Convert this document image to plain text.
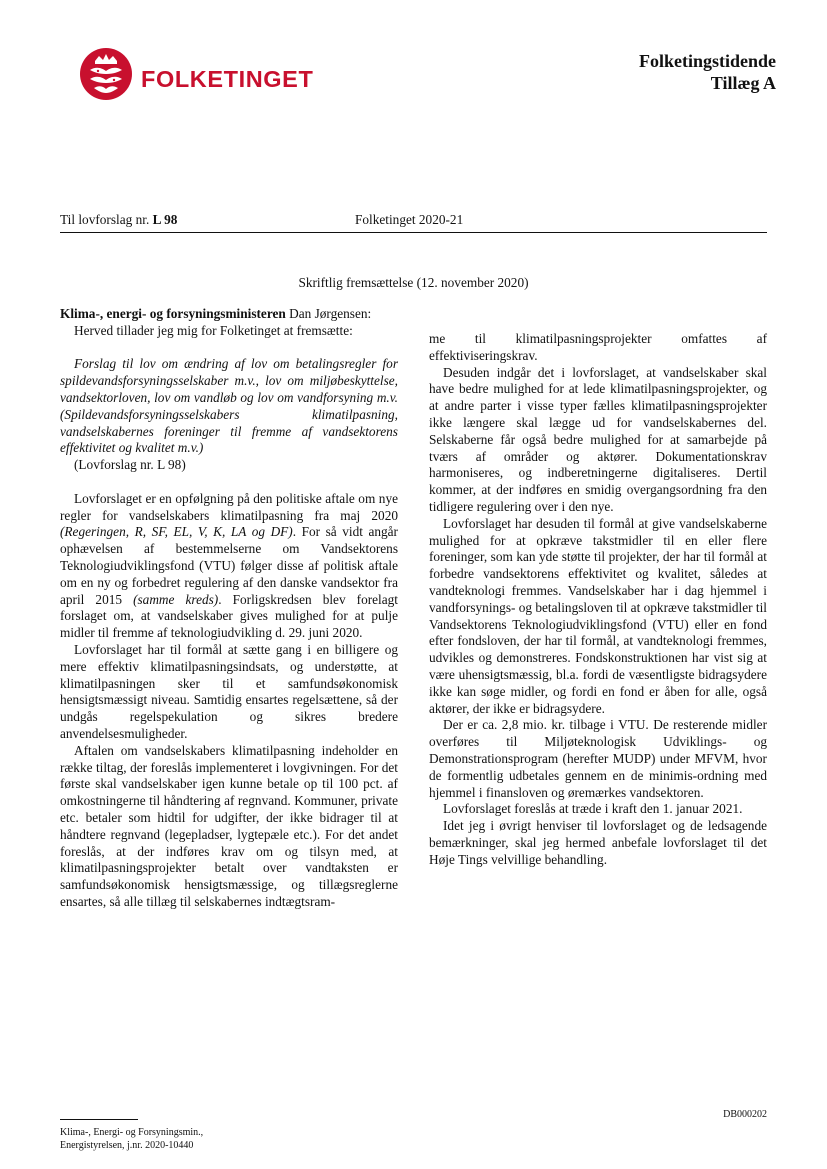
FOLKETINGET
Folketingstidende
Tillæg A
Til lovforslag nr. L 98	Folketinget 2020-21
Skriftlig fremsættelse (12. november 2020)

Klima-, energi- og forsyningsministeren Dan Jørgensen:

Herved tillader jeg mig for Folketinget at fremsætte:

Forslag til lov om ændring af lov om betalingsregler for spildevandsforsyningsselskaber m.v., lov om miljøbeskyttelse, vandsektorloven, lov om vandløb og lov om vandforsyning m.v. (Spildevandsforsyningsselskabers klimatilpasning, vandselskabernes foreninger til fremme af vandsektorens effektivitet og kvalitet m.v.)

(Lovforslag nr. L 98)

Lovforslaget er en opfølgning på den politiske aftale om nye regler for vandselskabers klimatilpasning fra maj 2020 (Regeringen, R, SF, EL, V, K, LA og DF). For så vidt angår ophævelsen af bestemmelserne om Vandsektorens Teknologiudviklingsfond (VTU) følger disse af politisk aftale om en ny og forbedret regulering af den danske vandsektor fra april 2015 (samme kreds). Forligskredsen blev forelagt forslaget om, at vandselskaber gives mulighed for at pulje midler til fremme af teknologiudvikling d. 29. juni 2020.

Lovforslaget har til formål at sætte gang i en billigere og mere effektiv klimatilpasningsindsats, og understøtte, at klimatilpasningen sker til et samfundsøkonomisk hensigtsmæssigt niveau. Samtidig ensartes regelsættene, så der undgås regelspekulation og sikres bredere anvendelsesmuligheder.

Aftalen om vandselskabers klimatilpasning indeholder en række tiltag, der foreslås implementeret i lovgivningen. For det første skal vandselskaber igen kunne betale op til 100 pct. af omkostningerne til håndtering af regnvand. Kommuner, private etc. betaler som hidtil for udgifter, der ikke bidrager til at håndtere regnvand (legepladser, lygtepæle etc.). For det andet foreslås, at der indføres krav om og tilsyn med, at klimatilpasningsprojekter betalt over vandtaksten er samfundsøkonomisk hensigtsmæssige, og tillægsreglerne ensartes, så alle tillæg til selskabernes indtægtsram-

me til klimatilpasningsprojekter omfattes af effektiviseringskrav.

Desuden indgår det i lovforslaget, at vandselskaber skal have bedre mulighed for at lede klimatilpasningsprojekter, og at andre parter i visse typer fælles klimatilpasningsprojekter ikke længere skal lægge ud for vandselskabernes del. Selskaberne får også bedre mulighed for at samarbejde på tværs af områder og aktører. Dokumentationskrav harmoniseres, og indberetningerne digitaliseres. Dertil kommer, at der indføres en smidig overgangsordning fra den tidligere regulering over i den nye.

Lovforslaget har desuden til formål at give vandselskaberne mulighed for at opkræve takstmidler til en eller flere foreninger, som kan yde støtte til projekter, der har til formål at forbedre vandsektorens effektivitet og kvalitet, således at vandteknologi fremmes. Vandselskaber har i dag hjemmel i vandforsynings- og betalingsloven til at opkræve takstmidler til Vandsektorens Teknologiudviklingsfond (VTU) eller en fond efter fondsloven, der har til formål, at vandteknologi fremmes, udvikles og demonstreres. Fondskonstruktionen har vist sig at være uhensigtsmæssig, bl.a. fordi de væsentligste bidragsydere ikke kan søge midler, og fordi en fond er åben for alle, også aktører, der ikke er bidragsydere.

Der er ca. 2,8 mio. kr. tilbage i VTU. De resterende midler overføres til Miljøteknologisk Udviklings- og Demonstrationsprogram (herefter MUDP) under MFVM, hvor de formentlig udbetales gennem en de minimis-ordning med hjemmel i finansloven og øremærkes vandsektoren.

Lovforslaget foreslås at træde i kraft den 1. januar 2021.

Idet jeg i øvrigt henviser til lovforslaget og de ledsagende bemærkninger, skal jeg hermed anbefale lovforslaget til det Høje Tings velvillige behandling.

Klima-, Energi- og Forsyningsmin.,
Energistyrelsen, j.nr. 2020-10440
DB000202
